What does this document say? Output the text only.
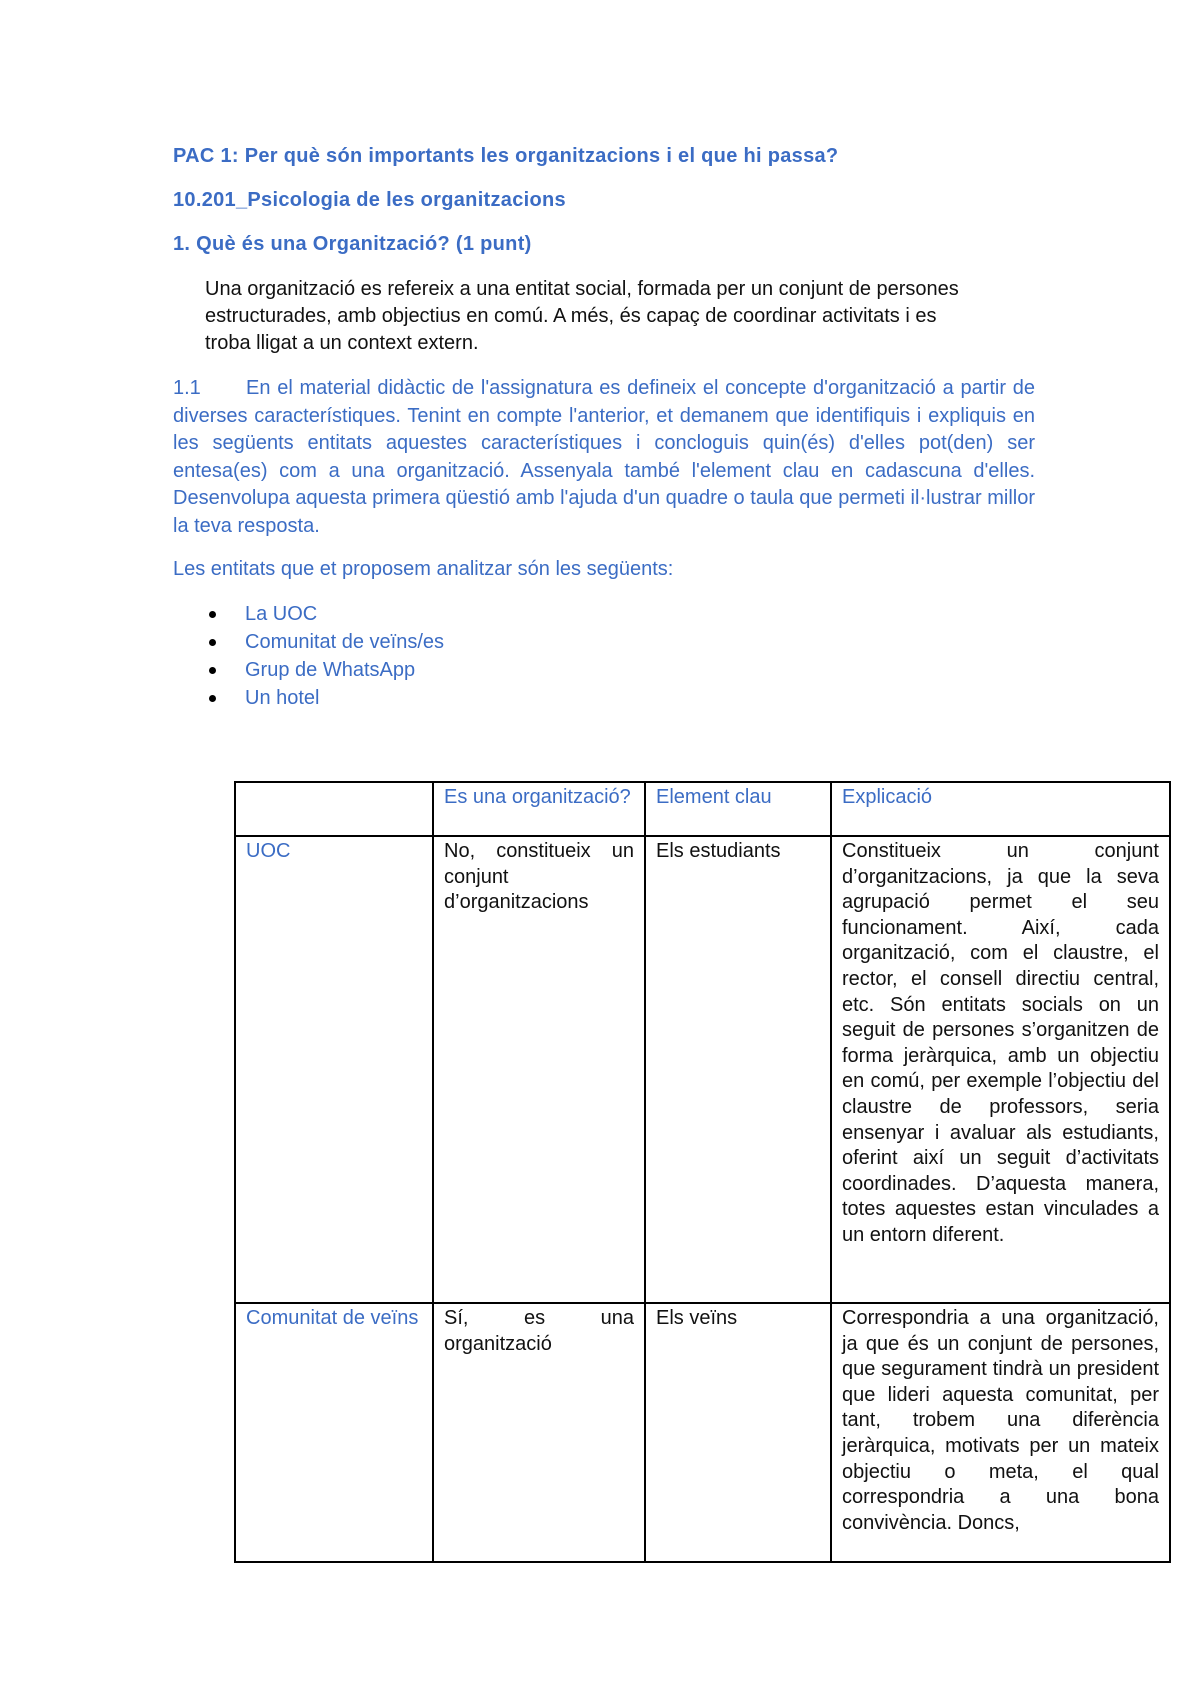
PAC 1: Per què són importants les organitzacions i el que hi passa?
10.201_Psicologia de les organitzacions
1. Què és una Organització? (1 punt)
Una organització es refereix a una entitat social, formada per un conjunt de persones estructurades, amb objectius en comú. A més, és capaç de coordinar activitats i es troba lligat a un context extern.
1.1 En el material didàctic de l'assignatura es defineix el concepte d'organització a partir de diverses característiques. Tenint en compte l'anterior, et demanem que identifiquis i expliquis en les següents entitats aquestes característiques i concloguis quin(és) d'elles pot(den) ser entesa(es) com a una organització. Assenyala també l'element clau en cadascuna d'elles. Desenvolupa aquesta primera qüestió amb l'ajuda d'un quadre o taula que permeti il·lustrar millor la teva resposta.
Les entitats que et proposem analitzar són les següents:
La UOC
Comunitat de veïns/es
Grup de WhatsApp
Un hotel
	Es una organització?	Element clau	Explicació
UOC	No, constitueix un conjunt d’organitzacions	Els estudiants	Constitueix un conjunt d’organitzacions, ja que la seva agrupació permet el seu funcionament. Així, cada organització, com el claustre, el rector, el consell directiu central, etc. Són entitats socials on un seguit de persones s’organitzen de forma jeràrquica, amb un objectiu en comú, per exemple l’objectiu del claustre de professors, seria ensenyar i avaluar als estudiants, oferint així un seguit d’activitats coordinades. D’aquesta manera, totes aquestes estan vinculades a un entorn diferent.
Comunitat de veïns	Sí, es una organització	Els veïns	Correspondria a una organització, ja que és un conjunt de persones, que segurament tindrà un president que lideri aquesta comunitat, per tant, trobem una diferència jeràrquica, motivats per un mateix objectiu o meta, el qual correspondria a una bona convivència. Doncs,
